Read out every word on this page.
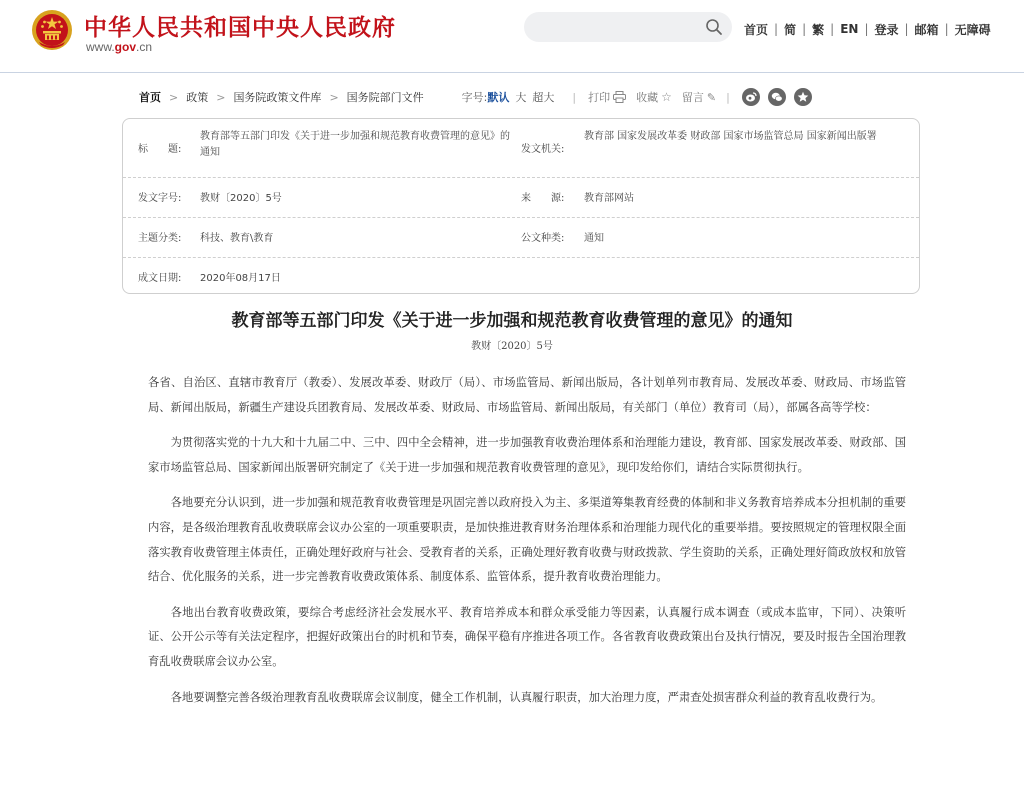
中华人民共和国中央人民政府
www.gov.cn
首页 | 简 | 繁 | EN | 登录 | 邮箱 | 无障碍
首页 > 政策 > 国务院政策文件库 > 国务院部门文件	字号: 默认 大 超大 | 打印 收藏 ☆ 留言 ✎ |
标　　题:
教育部等五部门印发《关于进一步加强和规范教育收费管理的意见》的通知	发文机关:
教育部 国家发展改革委 财政部 国家市场监管总局 国家新闻出版署
发文字号: 教财〔2020〕5号	来　　源: 教育部网站
主题分类: 科技、教育\教育	公文种类: 通知
成文日期: 2020年08月17日
教育部等五部门印发《关于进一步加强和规范教育收费管理的意见》的通知
教财〔2020〕5号

各省、自治区、直辖市教育厅（教委）、发展改革委、财政厅（局）、市场监管局、新闻出版局，各计划单列市教育局、发展改革委、财政局、市场监管局、新闻出版局，新疆生产建设兵团教育局、发展改革委、财政局、市场监管局、新闻出版局，有关部门（单位）教育司（局），部属各高等学校：

为贯彻落实党的十九大和十九届二中、三中、四中全会精神，进一步加强教育收费治理体系和治理能力建设，教育部、国家发展改革委、财政部、国家市场监管总局、国家新闻出版署研究制定了《关于进一步加强和规范教育收费管理的意见》，现印发给你们，请结合实际贯彻执行。

各地要充分认识到，进一步加强和规范教育收费管理是巩固完善以政府投入为主、多渠道筹集教育经费的体制和非义务教育培养成本分担机制的重要内容，是各级治理教育乱收费联席会议办公室的一项重要职责，是加快推进教育财务治理体系和治理能力现代化的重要举措。要按照规定的管理权限全面落实教育收费管理主体责任，正确处理好政府与社会、受教育者的关系，正确处理好教育收费与财政拨款、学生资助的关系，正确处理好简政放权和放管结合、优化服务的关系，进一步完善教育收费政策体系、制度体系、监管体系，提升教育收费治理能力。

各地出台教育收费政策，要综合考虑经济社会发展水平、教育培养成本和群众承受能力等因素，认真履行成本调查（或成本监审，下同）、决策听证、公开公示等有关法定程序，把握好政策出台的时机和节奏，确保平稳有序推进各项工作。各省教育收费政策出台及执行情况，要及时报告全国治理教育乱收费联席会议办公室。

各地要调整完善各级治理教育乱收费联席会议制度，健全工作机制，认真履行职责，加大治理力度，严肃查处损害群众利益的教育乱收费行为。
